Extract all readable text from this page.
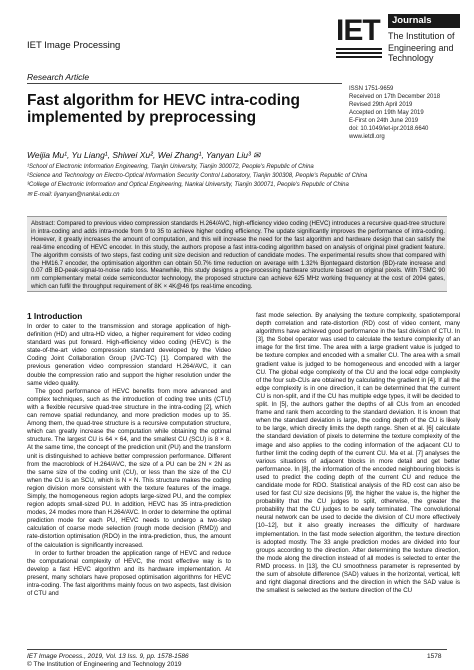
IET Image Processing
Research Article
IET	Journals
The Institution of
Engineering and Technology
ISSN 1751-9659
Received on 17th December 2018
Revised 29th April 2019
Accepted on 19th May 2019
E-First on 24th June 2019
doi: 10.1049/iet-ipr.2018.6640
www.ietdl.org
Fast algorithm for HEVC intra-coding implemented by preprocessing
Weijia Mu¹, Yu Liang¹, Shiwei Xu², Wei Zhang¹, Yanyan Liu³ ✉
¹School of Electronic Information Engineering, Tianjin University, Tianjin 300072, People's Republic of China
²Science and Technology on Electro-Optical Information Security Control Laboratory, Tianjin 300308, People's Republic of China
³College of Electronic Information and Optical Engineering, Nankai University, Tianjin 300071, People's Republic of China
✉ E-mail: liyanyan@nankai.edu.cn
Abstract: Compared to previous video compression standards H.264/AVC, high-efficiency video coding (HEVC) introduces a recursive quad-tree structure in intra-coding and adds intra-mode from 9 to 35 to achieve higher coding efficiency. The update significantly improves the performance of intra-coding. However, it greatly increases the amount of computation, and this will increase the need for the fast algorithm and hardware design that can satisfy the real-time encoding of HEVC encoder. In this study, the authors propose a fast intra-coding algorithm based on analysis of original pixel gradient feature. The algorithm consists of two steps, fast coding unit size decision and reduction of candidate modes. The experimental results show that compared with the HM16.7 encoder, the optimisation algorithm can obtain 50.7% time reduction on average with 1.32% Bjontegaard distortion (BD)-rate increase and 0.07 dB BD-peak-signal-to-noise ratio loss. Meanwhile, this study designs a pre-processing hardware structure based on original pixels. With TSMC 90 nm complementary metal oxide semiconductor technology, the proposed structure can achieve 625 MHz working frequency at the cost of 2094 gates, which can fulfil the throughput requirement of 8K × 4K@46 fps real-time encoding.
1 Introduction

In order to cater to the transmission and storage application of high-definition (HD) and ultra-HD video, a higher requirement for video coding standard was put forward. High-efficiency video coding (HEVC) is the state-of-the-art video compression standard developed by the Video Coding Joint Collaboration Group (JVC-TC) [1]. Compared with the previous generation video compression standard H.264/AVC, it can double the compression ratio and support the higher resolution under the same video quality.

The good performance of HEVC benefits from more advanced and complex techniques, such as the introduction of coding tree units (CTU) with a flexible recursive quad-tree structure in the intra-coding [2], which can remove spatial redundancy, and more prediction modes up to 35. Among them, the quad-tree structure is a recursive computation structure, which can greatly increase the computation while obtaining the optimal structure. The largest CU is 64 × 64, and the smallest CU (SCU) is 8 × 8. At the same time, the concept of the prediction unit (PU) and the transform unit is distinguished to achieve better compression performance. Different from the macroblock of H.264/AVC, the size of a PU can be 2N × 2N as the same size of the coding unit (CU), or less than the size of the CU when the CU is an SCU, which is N × N. This structure makes the coding region division more consistent with the texture features of the image. Simply, the homogeneous region adopts large-sized PU, and the complex region adopts small-sized PU. In addition, HEVC has 35 intra-prediction modes, 24 modes more than H.264/AVC. In order to determine the optimal prediction mode for each PU, HEVC needs to undergo a two-step calculation of coarse mode selection (rough mode decision (RMD)) and rate-distortion optimisation (RDO) in the intra-prediction, thus, the amount of the calculation is significantly increased.

In order to further broaden the application range of HEVC and reduce the computational complexity of HEVC, the most effective way is to develop a fast HEVC algorithm and its hardware implementation. At present, many scholars have proposed optimisation algorithms for HEVC intra-coding. The fast algorithms mainly focus on two aspects, fast division of CTU and

fast mode selection. By analysing the texture complexity, spatiotemporal depth correlation and rate-distortion (RD) cost of video content, many algorithms have achieved good performance in the fast division of CTU. In [3], the Sobel operator was used to calculate the texture complexity of an image for the first time. The area with a large gradient value is judged to be texture complex and encoded with a smaller CU. The area with a small gradient value is judged to be homogeneous and encoded with a larger CU. The global edge complexity of the CU and the local edge complexity of the four sub-CUs are obtained by calculating the gradient in [4]. If all the edge complexity is in one direction, it can be determined that the current CU is non-split, and if the CU has multiple edge types, it will be decided to split. In [5], the authors gather the depths of all CUs from an encoded frame and rank them according to the standard deviation. It is known that when the standard deviation is large, the coding depth of the CU is likely to be large, which directly limits the depth range. Shen et al. [6] calculate the standard deviation of pixels to determine the texture complexity of the image and also applies to the coding information of the adjacent CU to further limit the coding depth of the current CU. Ma et al. [7] analyses the various situations of adjacent blocks in more detail and get better performance. In [8], the information of the encoded neighbouring blocks is used to predict the coding depth of the current CU and reduce the candidate mode for RDO. Statistical analysis of the RD cost can also be used for fast CU size decisions [9], the higher the value is, the higher the probability that the CU judges to split, otherwise, the greater the probability that the CU judges to be early terminated. The convolutional neural network can be used to decide the division of CU more effectively [10–12], but it also greatly increases the difficulty of hardware implementation. In the fast mode selection algorithm, the texture direction is adopted mostly. The 33 angle prediction modes are divided into four groups according to the direction. After determining the texture direction, the mode along the direction instead of all modes is selected to enter the RMD process. In [13], the CU smoothness parameter is represented by the sum of absolute difference (SAD) values in the horizontal, vertical, left and right diagonal directions and the direction in which the SAD value is the smallest is selected as the texture direction of the CU

IET Image Process., 2019, Vol. 13 Iss. 9, pp. 1578-1586
© The Institution of Engineering and Technology 2019
1578
